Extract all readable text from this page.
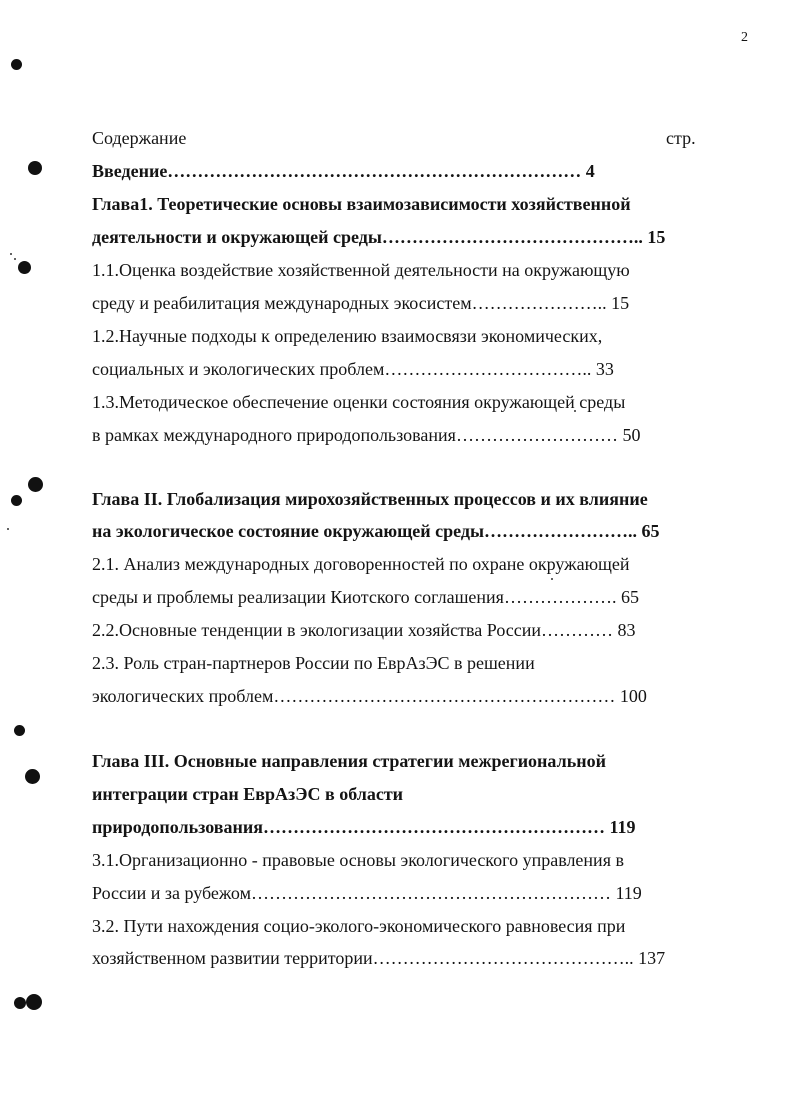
2
Содержание	стр.
Введение…………………………………………………………… 4
Глава1. Теоретические основы взаимозависимости хозяйственной
деятельности и окружающей среды…………………………………….. 15
1.1.Оценка воздействие хозяйственной деятельности на окружающую
среду и реабилитация международных экосистем………………….. 15
1.2.Научные подходы к определению взаимосвязи экономических,
социальных и экологических проблем…………………………….. 33
1.3.Методическое обеспечение оценки состояния окружающей среды
в рамках международного природопользования……………………… 50
Глава II. Глобализация мирохозяйственных процессов и их влияние
на экологическое состояние окружающей среды…………………….. 65
2.1. Анализ международных договоренностей по охране окружающей
среды и проблемы реализации Киотского соглашения………………. 65
2.2.Основные тенденции в экологизации хозяйства России………… 83
2.3. Роль стран-партнеров России по ЕврАзЭС в решении
экологических проблем………………………………………………… 100
Глава III. Основные направления стратегии межрегиональной
интеграции стран ЕврАзЭС в области
природопользования………………………………………………… 119
3.1.Организационно - правовые основы экологического управления в
России и за рубежом…………………………………………………… 119
3.2. Пути нахождения социо-эколого-экономического равновесия при
хозяйственном развитии территории…………………………………….. 137
